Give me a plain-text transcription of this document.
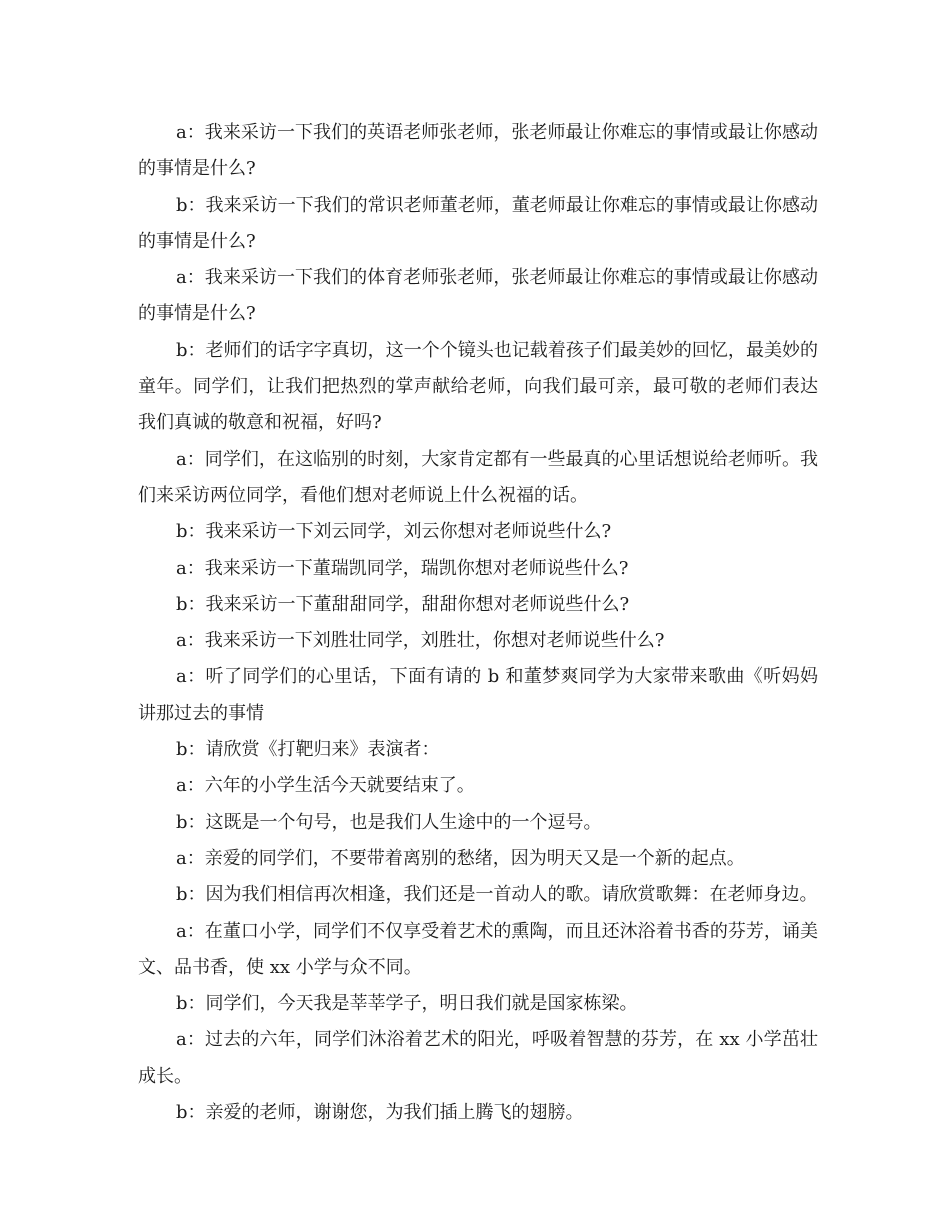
a：我来采访一下我们的英语老师张老师，张老师最让你难忘的事情或最让你感动的事情是什么?

b：我来采访一下我们的常识老师董老师，董老师最让你难忘的事情或最让你感动的事情是什么?

a：我来采访一下我们的体育老师张老师，张老师最让你难忘的事情或最让你感动的事情是什么?

b：老师们的话字字真切，这一个个镜头也记载着孩子们最美妙的回忆，最美妙的童年。同学们，让我们把热烈的掌声献给老师，向我们最可亲，最可敬的老师们表达我们真诚的敬意和祝福，好吗?

a：同学们，在这临别的时刻，大家肯定都有一些最真的心里话想说给老师听。我们来采访两位同学，看他们想对老师说上什么祝福的话。

b：我来采访一下刘云同学，刘云你想对老师说些什么?

a：我来采访一下董瑞凯同学，瑞凯你想对老师说些什么?

b：我来采访一下董甜甜同学，甜甜你想对老师说些什么?

a：我来采访一下刘胜壮同学，刘胜壮，你想对老师说些什么?

a：听了同学们的心里话，下面有请的 b 和董梦爽同学为大家带来歌曲《听妈妈讲那过去的事情

b：请欣赏《打靶归来》表演者：

a：六年的小学生活今天就要结束了。

b：这既是一个句号，也是我们人生途中的一个逗号。

a：亲爱的同学们，不要带着离别的愁绪，因为明天又是一个新的起点。

b：因为我们相信再次相逢，我们还是一首动人的歌。请欣赏歌舞：在老师身边。

a：在董口小学，同学们不仅享受着艺术的熏陶，而且还沐浴着书香的芬芳，诵美文、品书香，使 xx 小学与众不同。

b：同学们，今天我是莘莘学子，明日我们就是国家栋梁。

a：过去的六年，同学们沐浴着艺术的阳光，呼吸着智慧的芬芳，在 xx 小学茁壮成长。

b：亲爱的老师，谢谢您，为我们插上腾飞的翅膀。
